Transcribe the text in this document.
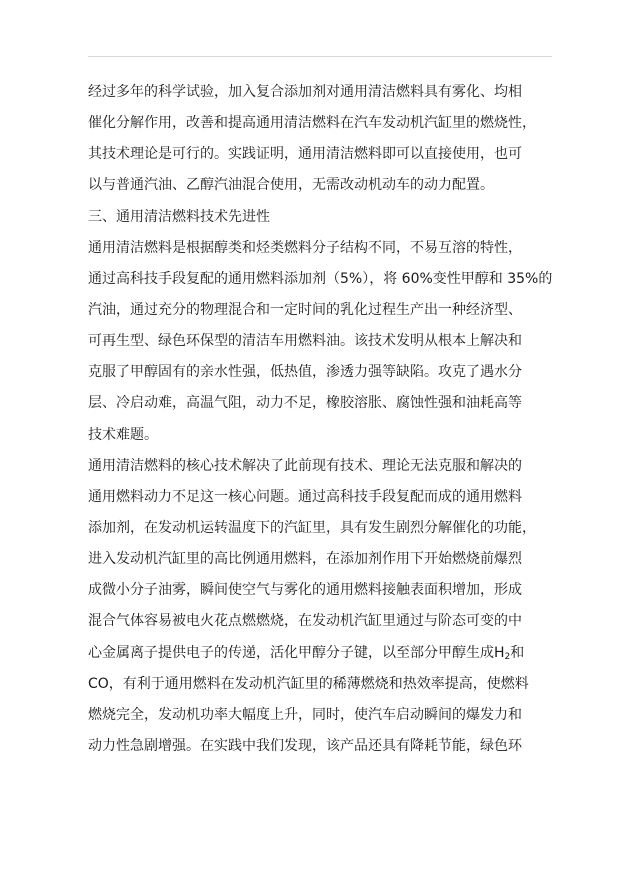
经过多年的科学试验，加入复合添加剂对通用清洁燃料具有雾化、均相
催化分解作用，改善和提高通用清洁燃料在汽车发动机汽缸里的燃烧性，
其技术理论是可行的。实践证明，通用清洁燃料即可以直接使用，也可
以与普通汽油、乙醇汽油混合使用，无需改动机动车的动力配置。
三、通用清洁燃料技术先进性
通用清洁燃料是根据醇类和烃类燃料分子结构不同，不易互溶的特性，
通过高科技手段复配的通用燃料添加剂（5%），将 60%变性甲醇和 35%的
汽油，通过充分的物理混合和一定时间的乳化过程生产出一种经济型、
可再生型、绿色环保型的清洁车用燃料油。该技术发明从根本上解决和
克服了甲醇固有的亲水性强，低热值，渗透力强等缺陷。攻克了遇水分
层、冷启动难，高温气阻，动力不足，橡胶溶胀、腐蚀性强和油耗高等
技术难题。
通用清洁燃料的核心技术解决了此前现有技术、理论无法克服和解决的
通用燃料动力不足这一核心问题。通过高科技手段复配而成的通用燃料
添加剂，在发动机运转温度下的汽缸里，具有发生剧烈分解催化的功能，
进入发动机汽缸里的高比例通用燃料，在添加剂作用下开始燃烧前爆烈
成微小分子油雾，瞬间使空气与雾化的通用燃料接触表面积增加，形成
混合气体容易被电火花点燃燃烧，在发动机汽缸里通过与阶态可变的中
心金属离子提供电子的传递，活化甲醇分子键，以至部分甲醇生成$H_2$和
CO，有利于通用燃料在发动机汽缸里的稀薄燃烧和热效率提高，使燃料
燃烧完全，发动机功率大幅度上升，同时，使汽车启动瞬间的爆发力和
动力性急剧增强。在实践中我们发现，该产品还具有降耗节能，绿色环
